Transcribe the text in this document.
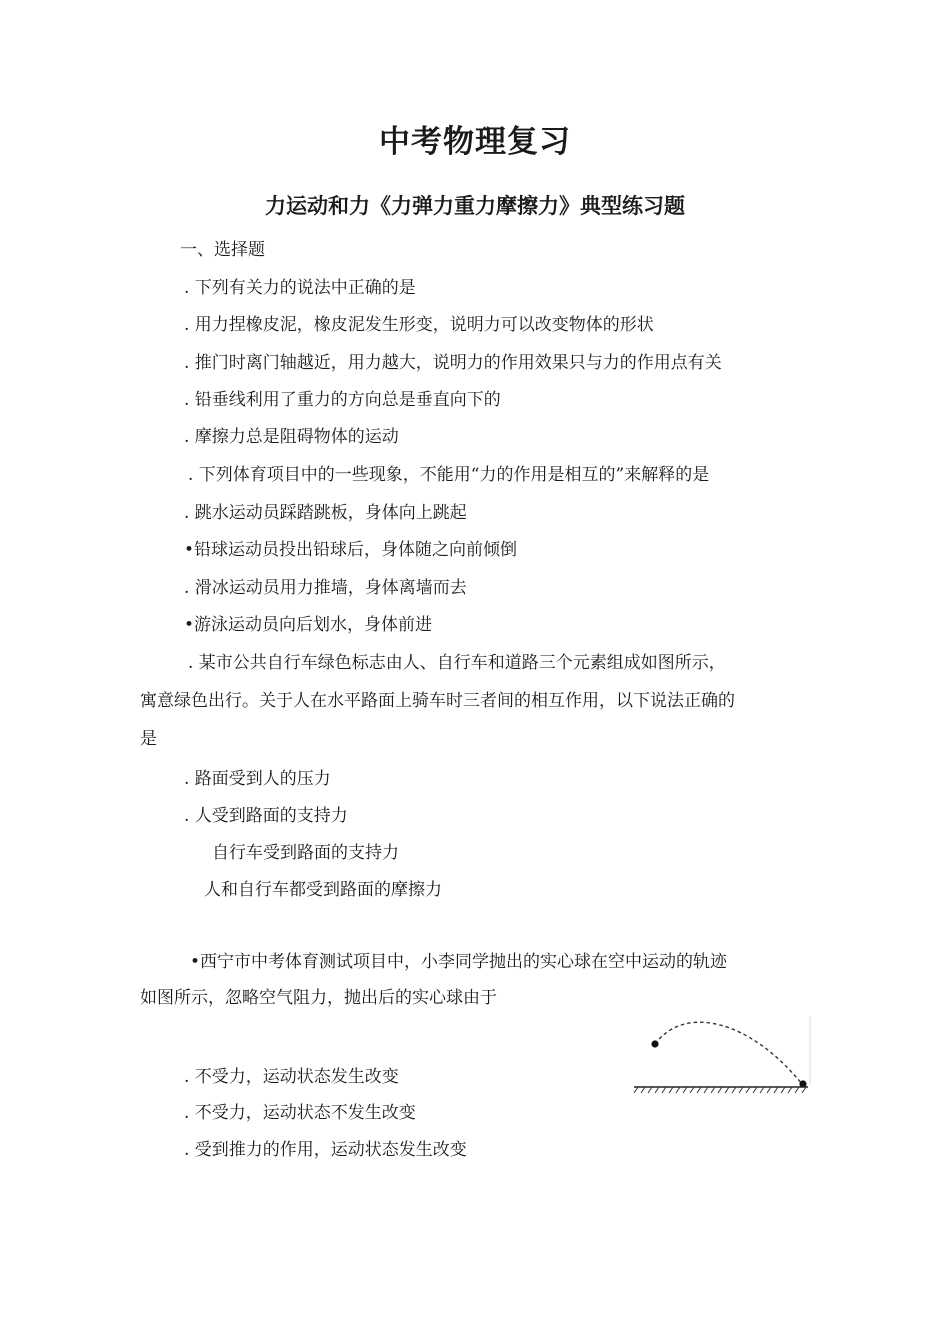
中考物理复习
力运动和力《力弹力重力摩擦力》典型练习题
一、选择题
. 下列有关力的说法中正确的是
. 用力捏橡皮泥，橡皮泥发生形变，说明力可以改变物体的形状
. 推门时离门轴越近，用力越大，说明力的作用效果只与力的作用点有关
. 铅垂线利用了重力的方向总是垂直向下的
. 摩擦力总是阻碍物体的运动
. 下列体育项目中的一些现象，不能用“力的作用是相互的”来解释的是
. 跳水运动员踩踏跳板，身体向上跳起
•铅球运动员投出铅球后，身体随之向前倾倒
. 滑冰运动员用力推墙，身体离墙而去
•游泳运动员向后划水，身体前进
. 某市公共自行车绿色标志由人、自行车和道路三个元素组成如图所示，
寓意绿色出行。关于人在水平路面上骑车时三者间的相互作用，以下说法正确的
是
. 路面受到人的压力
. 人受到路面的支持力
自行车受到路面的支持力
人和自行车都受到路面的摩擦力
•西宁市中考体育测试项目中，小李同学抛出的实心球在空中运动的轨迹
如图所示，忽略空气阻力，抛出后的实心球由于
. 不受力，运动状态发生改变
. 不受力，运动状态不发生改变
. 受到推力的作用，运动状态发生改变
